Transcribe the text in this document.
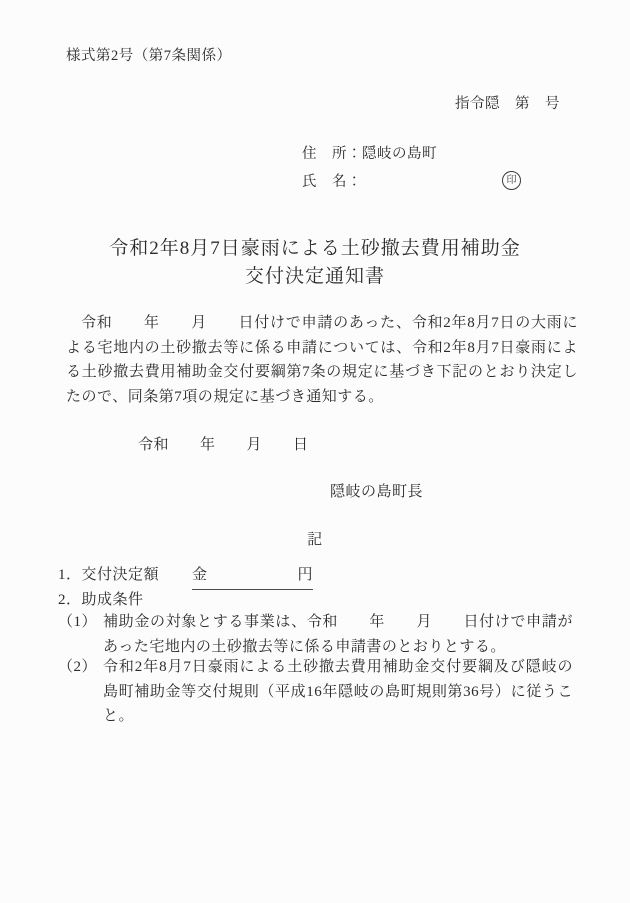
様式第2号（第7条関係）
指令隠　第　号
住　所：隠岐の島町
氏　名：	印
令和2年8月7日豪雨による土砂撤去費用補助金
交付決定通知書
令和　　年　　月　　日付けで申請のあった、令和2年8月7日の大雨による宅地内の土砂撤去等に係る申請については、令和2年8月7日豪雨による土砂撤去費用補助金交付要綱第7条の規定に基づき下記のとおり決定したので、同条第7項の規定に基づき通知する。
令和　　年　　月　　日
隠岐の島町長
記
1．交付決定額 金	円
2．助成条件
（1） 補助金の対象とする事業は、令和　　年　　月　　日付けで申請があった宅地内の土砂撤去等に係る申請書のとおりとする。
（2） 令和2年8月7日豪雨による土砂撤去費用補助金交付要綱及び隠岐の島町補助金等交付規則（平成16年隠岐の島町規則第36号）に従うこと。
